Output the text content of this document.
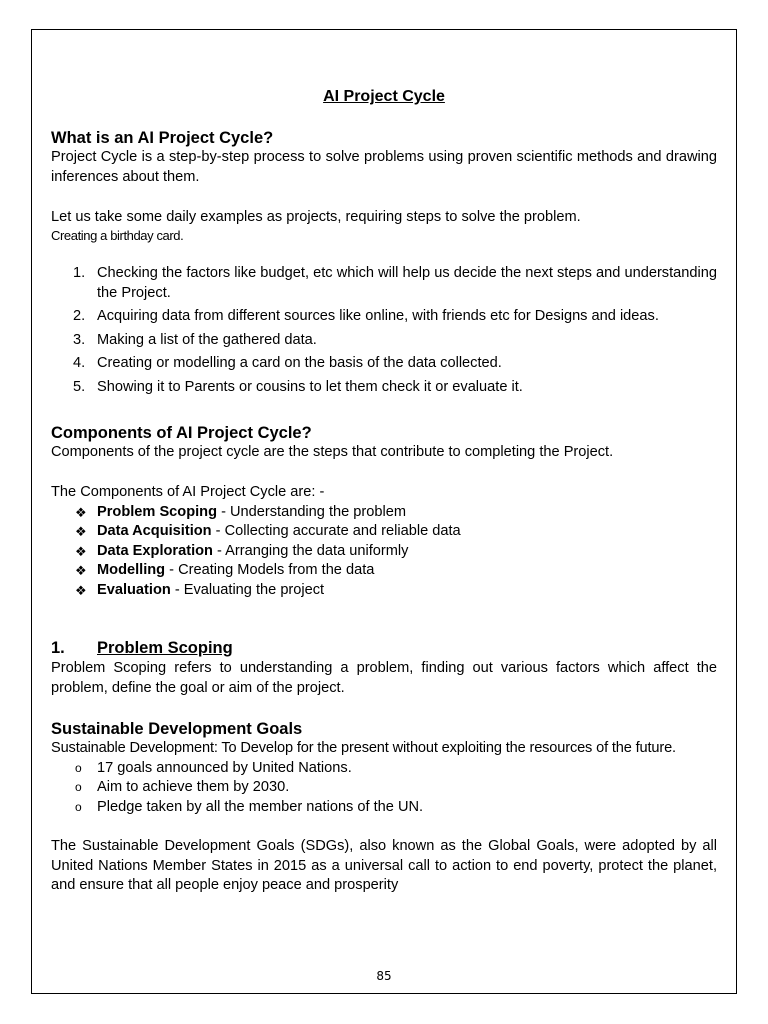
AI Project Cycle

What is an AI Project Cycle?

Project Cycle is a step-by-step process to solve problems using proven scientific methods and drawing inferences about them.

Let us take some daily examples as projects, requiring steps to solve the problem.

Creating a birthday card.

1. Checking the factors like budget, etc which will help us decide the next steps and understanding the Project.
2. Acquiring data from different sources like online, with friends etc for Designs and ideas.
3. Making a list of the gathered data.
4. Creating or modelling a card on the basis of the data collected.
5. Showing it to Parents or cousins to let them check it or evaluate it.

Components of AI Project Cycle?

Components of the project cycle are the steps that contribute to completing the Project.

The Components of AI Project Cycle are: -

❖ Problem Scoping - Understanding the problem
❖ Data Acquisition - Collecting accurate and reliable data
❖ Data Exploration - Arranging the data uniformly
❖ Modelling - Creating Models from the data
❖ Evaluation - Evaluating the project
1. Problem Scoping

Problem Scoping refers to understanding a problem, finding out various factors which affect the problem, define the goal or aim of the project.

Sustainable Development Goals

Sustainable Development: To Develop for the present without exploiting the resources of the future.

o 17 goals announced by United Nations.
o Aim to achieve them by 2030.
o Pledge taken by all the member nations of the UN.

The Sustainable Development Goals (SDGs), also known as the Global Goals, were adopted by all United Nations Member States in 2015 as a universal call to action to end poverty, protect the planet, and ensure that all people enjoy peace and prosperity

85
